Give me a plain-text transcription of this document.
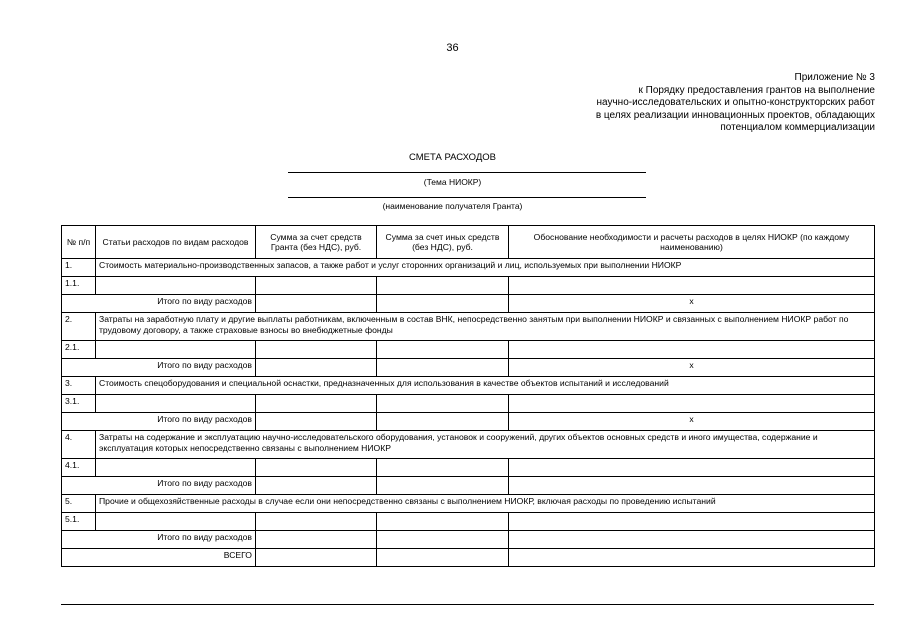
36
Приложение № 3
к Порядку предоставления грантов на выполнение
научно-исследовательских и опытно-конструкторских работ
в целях реализации инновационных проектов, обладающих
потенциалом коммерциализации
СМЕТА РАСХОДОВ
(Тема НИОКР)
(наименование получателя Гранта)
№ п/п	Статьи расходов по видам расходов	Сумма за счет средств Гранта (без НДС), руб.	Сумма за счет иных средств (без НДС), руб.	Обоснование необходимости и расчеты расходов в целях НИОКР (по каждому наименованию)
1.	Стоимость материально-производственных запасов, а также работ и услуг сторонних организаций и лиц, используемых при выполнении НИОКР			
1.1.				
Итого по виду расходов				x
2.	Затраты на заработную плату и другие выплаты работникам, включенным в состав ВНК, непосредственно занятым при выполнении НИОКР и связанных с выполнением НИОКР работ по трудовому договору, а также страховые взносы во внебюджетные фонды			
2.1.				
Итого по виду расходов				x
3.	Стоимость спецоборудования и специальной оснастки, предназначенных для использования в качестве объектов испытаний и исследований			
3.1.				
Итого по виду расходов				x
4.	Затраты на содержание и эксплуатацию научно-исследовательского оборудования, установок и сооружений, других объектов основных средств и иного имущества, содержание и эксплуатация которых непосредственно связаны с выполнением НИОКР			
4.1.				
Итого по виду расходов				
5.	Прочие и общехозяйственные расходы в случае если они непосредственно связаны с выполнением НИОКР, включая расходы по проведению испытаний			
5.1.				
Итого по виду расходов				
ВСЕГО				
